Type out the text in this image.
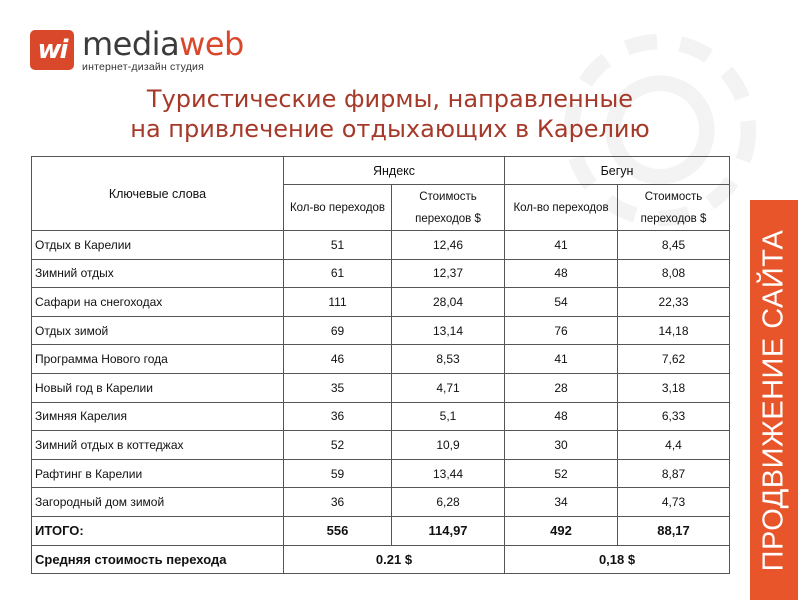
wi mediaweb
интернет-дизайн студия
Туристические фирмы, направленные
на привлечение отдыхающих в Карелию
ПРОДВИЖЕНИЕ САЙТА
Ключевые слова	Яндекс		Бегун	
	Кол-во переходов	Стоимость переходов $	Кол-во переходов	Стоимость переходов $
Отдых в Карелии	51	12,46	41	8,45
Зимний отдых	61	12,37	48	8,08
Сафари на снегоходах	111	28,04	54	22,33
Отдых зимой	69	13,14	76	14,18
Программа Нового года	46	8,53	41	7,62
Новый год в Карелии	35	4,71	28	3,18
Зимняя Карелия	36	5,1	48	6,33
Зимний отдых в коттеджах	52	10,9	30	4,4
Рафтинг в Карелии	59	13,44	52	8,87
Загородный дом зимой	36	6,28	34	4,73
ИТОГО:	556	114,97	492	88,17
Средняя стоимость перехода	0.21 $		0,18 $	
